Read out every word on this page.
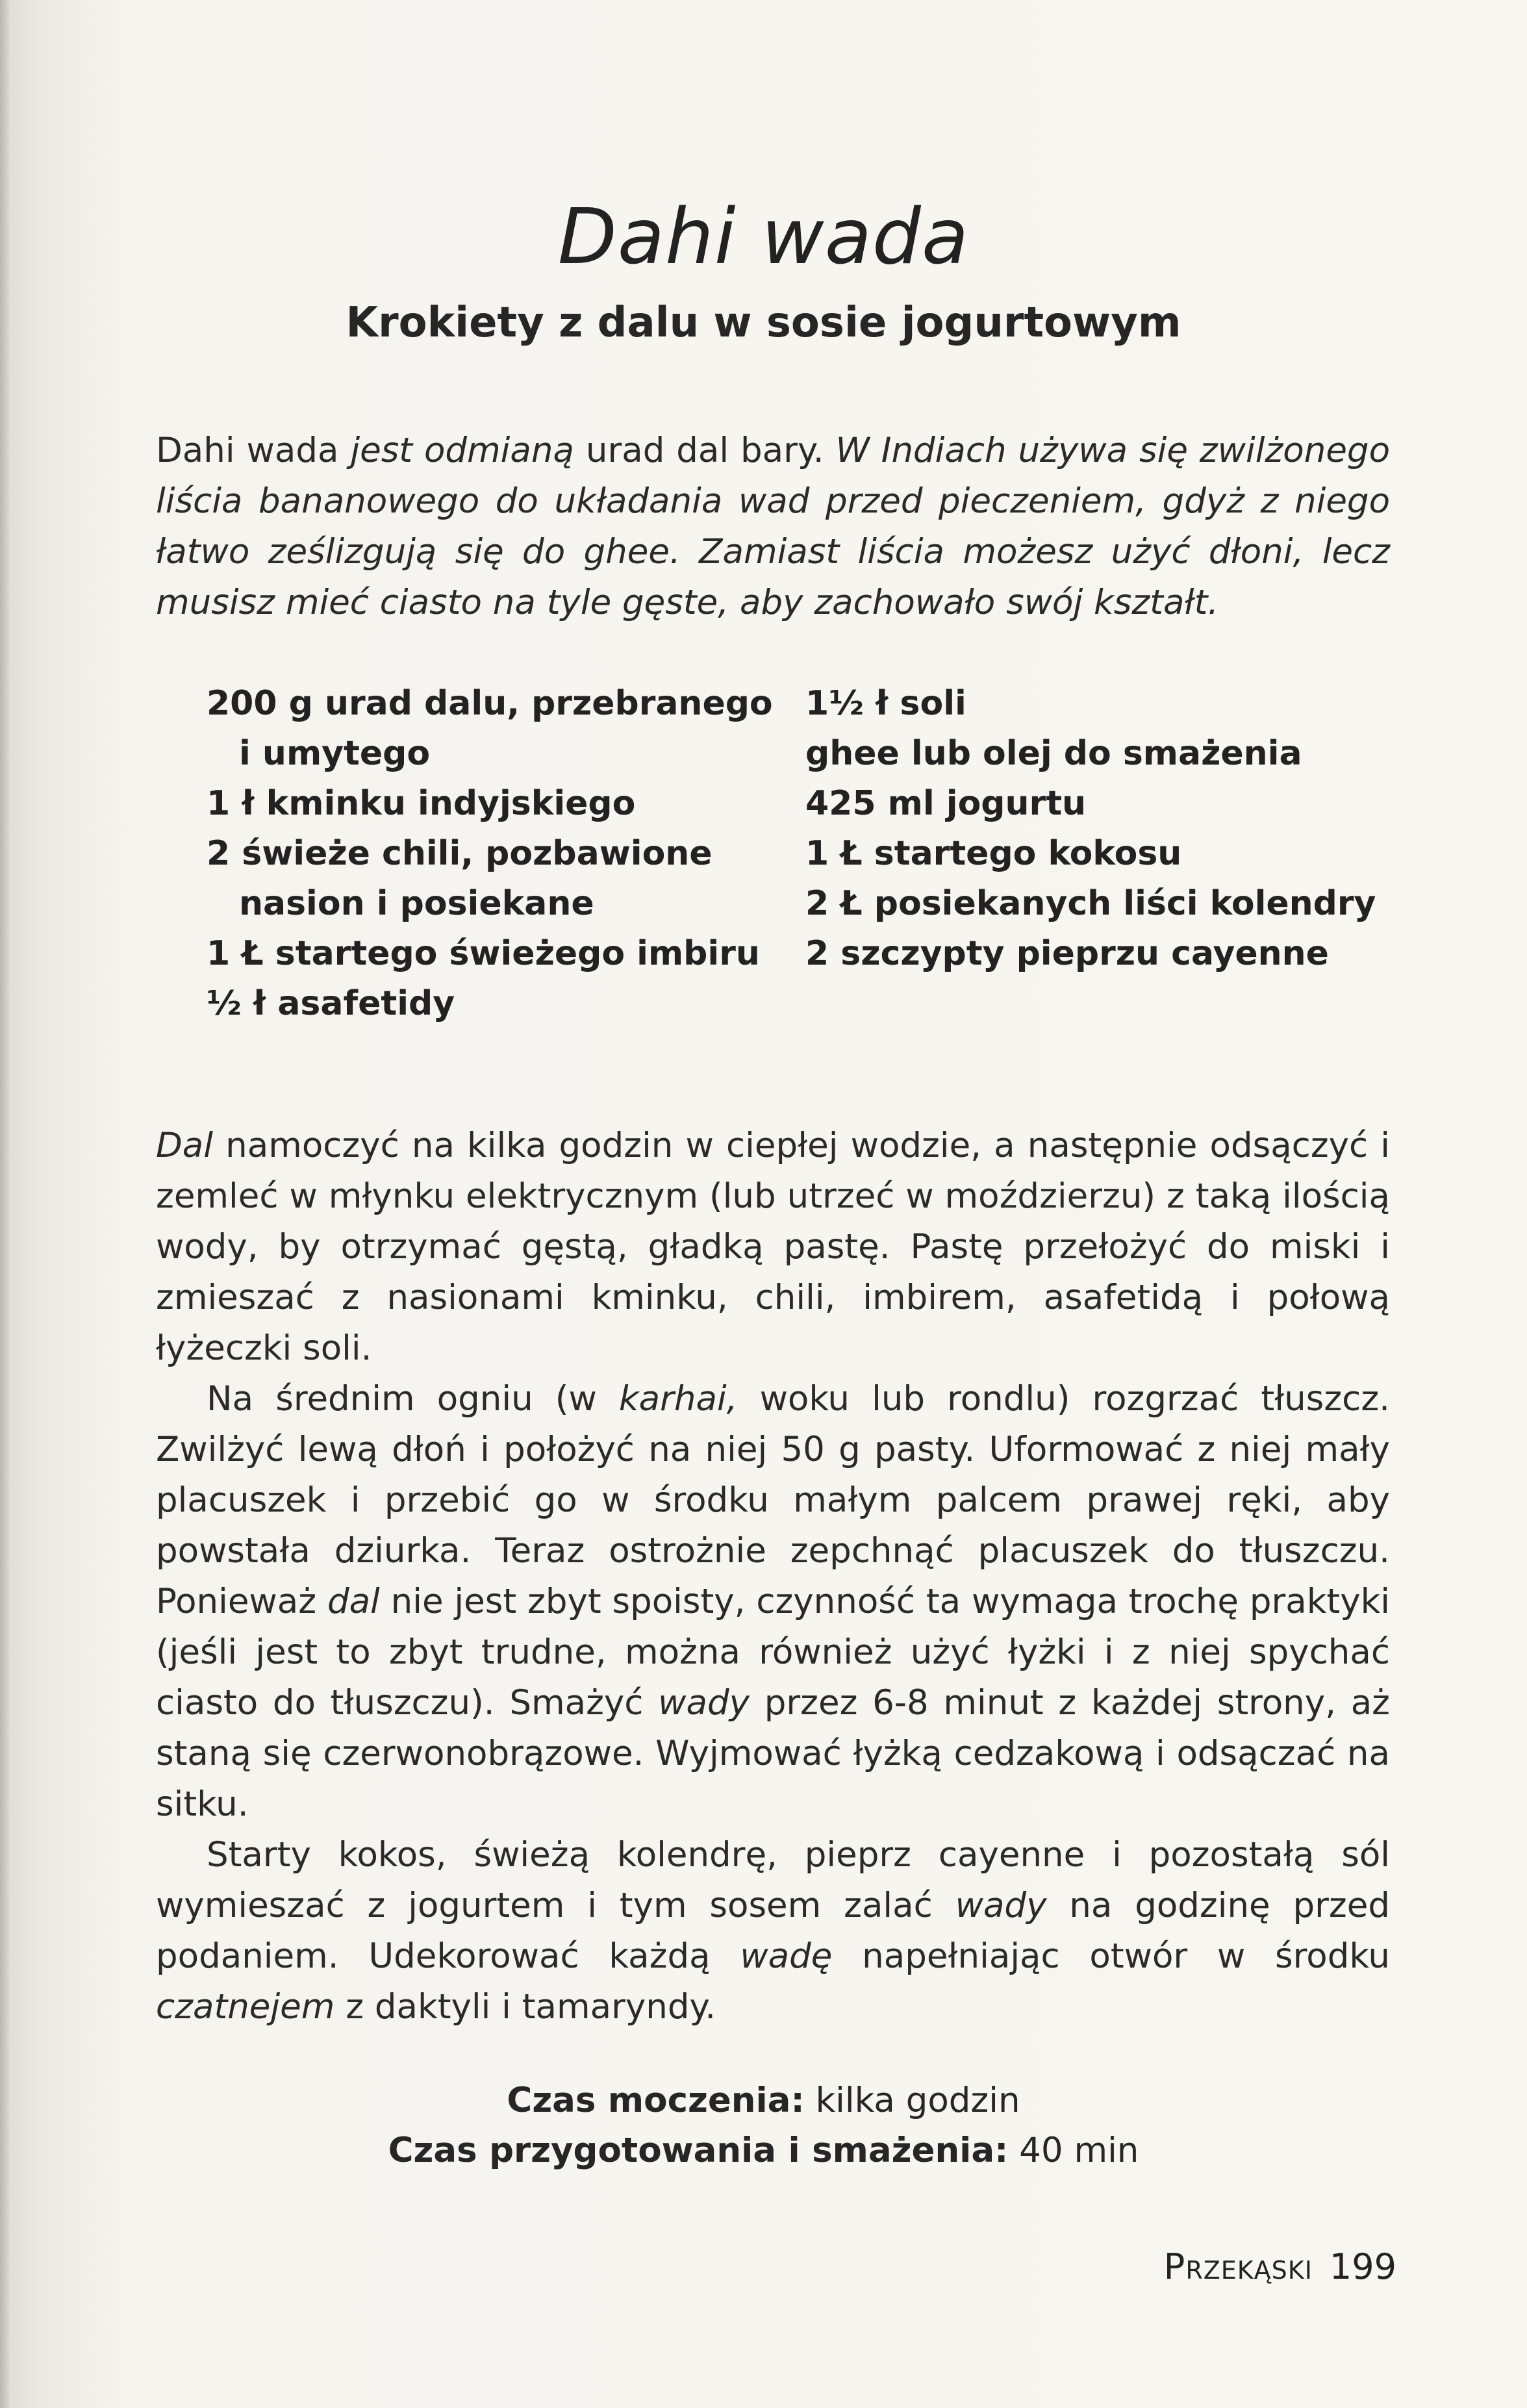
Dahi wada
Krokiety z dalu w sosie jogurtowym
Dahi wada jest odmianą urad dal bary. W Indiach używa się zwilżonego liścia bananowego do układania wad przed pieczeniem, gdyż z niego łatwo ześlizgują się do ghee. Zamiast liścia możesz użyć dłoni, lecz musisz mieć ciasto na tyle gęste, aby zachowało swój kształt.
200 g urad dalu, przebranego i umytego
1 ł kminku indyjskiego
2 świeże chili, pozbawione nasion i posiekane
1 Ł startego świeżego imbiru
½ ł asafetidy
1½ ł soli
ghee lub olej do smażenia
425 ml jogurtu
1 Ł startego kokosu
2 Ł posiekanych liści kolendry
2 szczypty pieprzu cayenne

Dal namoczyć na kilka godzin w ciepłej wodzie, a następnie odsączyć i zemleć w młynku elektrycznym (lub utrzeć w moździerzu) z taką ilością wody, by otrzymać gęstą, gładką pastę. Pastę przełożyć do miski i zmieszać z nasionami kminku, chili, imbirem, asafetidą i połową łyżeczki soli.

Na średnim ogniu (w karhai, woku lub rondlu) rozgrzać tłuszcz. Zwilżyć lewą dłoń i położyć na niej 50 g pasty. Uformować z niej mały placuszek i przebić go w środku małym palcem prawej ręki, aby powstała dziurka. Teraz ostrożnie zepchnąć placuszek do tłuszczu. Ponieważ dal nie jest zbyt spoisty, czynność ta wymaga trochę praktyki (jeśli jest to zbyt trudne, można również użyć łyżki i z niej spychać ciasto do tłuszczu). Smażyć wady przez 6-8 minut z każdej strony, aż staną się czerwonobrązowe. Wyjmować łyżką cedzakową i odsączać na sitku.

Starty kokos, świeżą kolendrę, pieprz cayenne i pozostałą sól wymieszać z jogurtem i tym sosem zalać wady na godzinę przed podaniem. Udekorować każdą wadę napełniając otwór w środku czatnejem z daktyli i tamaryndy.

Czas moczenia: kilka godzin
Czas przygotowania i smażenia: 40 min
Przekąski 199
